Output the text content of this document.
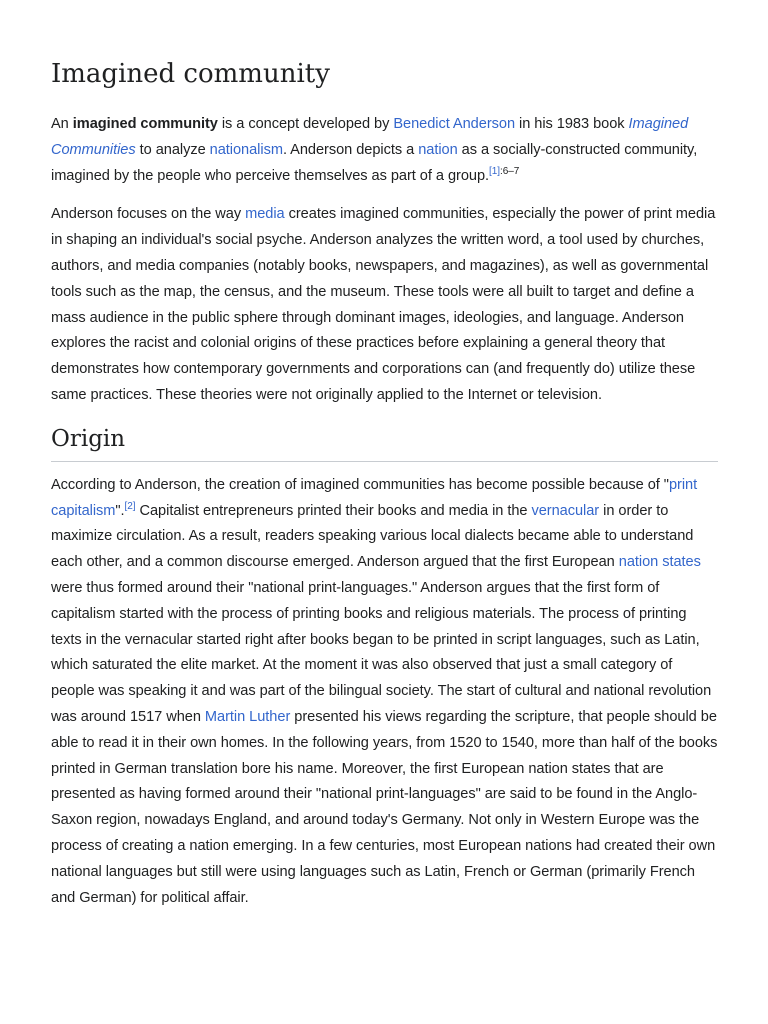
Imagined community

An imagined community is a concept developed by Benedict Anderson in his 1983 book Imagined Communities to analyze nationalism. Anderson depicts a nation as a socially-constructed community, imagined by the people who perceive themselves as part of a group.$^{[1]:6-7}$

Anderson focuses on the way media creates imagined communities, especially the power of print media in shaping an individual's social psyche. Anderson analyzes the written word, a tool used by churches, authors, and media companies (notably books, newspapers, and magazines), as well as governmental tools such as the map, the census, and the museum. These tools were all built to target and define a mass audience in the public sphere through dominant images, ideologies, and language. Anderson explores the racist and colonial origins of these practices before explaining a general theory that demonstrates how contemporary governments and corporations can (and frequently do) utilize these same practices. These theories were not originally applied to the Internet or television.

Origin

According to Anderson, the creation of imagined communities has become possible because of "print capitalism".[2] Capitalist entrepreneurs printed their books and media in the vernacular in order to maximize circulation. As a result, readers speaking various local dialects became able to understand each other, and a common discourse emerged. Anderson argued that the first European nation states were thus formed around their "national print-languages." Anderson argues that the first form of capitalism started with the process of printing books and religious materials. The process of printing texts in the vernacular started right after books began to be printed in script languages, such as Latin, which saturated the elite market. At the moment it was also observed that just a small category of people was speaking it and was part of the bilingual society. The start of cultural and national revolution was around 1517 when Martin Luther presented his views regarding the scripture, that people should be able to read it in their own homes. In the following years, from 1520 to 1540, more than half of the books printed in German translation bore his name. Moreover, the first European nation states that are presented as having formed around their "national print-languages" are said to be found in the Anglo-Saxon region, nowadays England, and around today's Germany. Not only in Western Europe was the process of creating a nation emerging. In a few centuries, most European nations had created their own national languages but still were using languages such as Latin, French or German (primarily French and German) for political affair.
